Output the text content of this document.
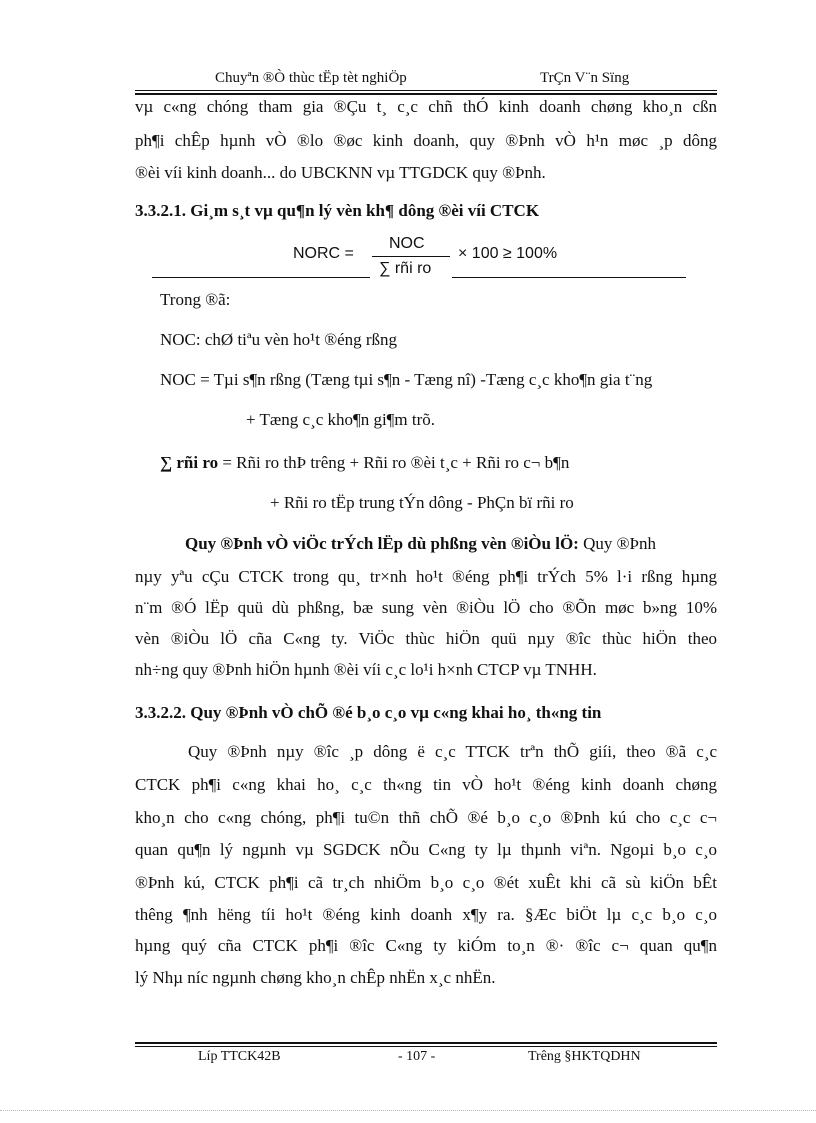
Chuyªn ®Ò thùc tËp tèt nghiÖp	TrÇn V¨n Sïng
vµ c«ng chóng tham gia ®Çu t¸ c¸c chñ thÓ kinh doanh chøng kho¸n cßn
ph¶i chÊp hµnh vÒ ®lo ®øc kinh doanh, quy ®Þnh vÒ h¹n møc ¸p dông
®èi víi kinh doanh... do UBCKNN vµ TTGDCK quy ®Þnh.
3.3.2.1. Gi¸m s¸t vµ qu¶n lý vèn kh¶ dông ®èi víi CTCK
NORC =
NOC
∑ rñi ro
× 100 ≥ 100%
Trong ®ã:
NOC: chØ tiªu vèn ho¹t ®éng rßng
NOC = Tµi s¶n rßng (Tæng tµi s¶n - Tæng nî) -Tæng c¸c kho¶n gia t¨ng
+ Tæng c¸c kho¶n gi¶m trõ.
∑ rñi ro = Rñi ro thÞ trêng + Rñi ro ®èi t¸c + Rñi ro c¬ b¶n
+ Rñi ro tËp trung tÝn dông - PhÇn bï rñi ro
Quy ®Þnh vÒ viÖc trÝch lËp dù phßng vèn ®iÒu lÖ: Quy ®Þnh
nµy yªu cÇu CTCK trong qu¸ tr×nh ho¹t ®éng ph¶i trÝch 5% l·i rßng hµng
n¨m ®Ó lËp quü dù phßng, bæ sung vèn ®iÒu lÖ cho ®Õn møc b»ng 10%
vèn ®iÒu lÖ cña C«ng ty. ViÖc thùc hiÖn quü nµy ®îc thùc hiÖn theo
nh÷ng quy ®Þnh hiÖn hµnh ®èi víi c¸c lo¹i h×nh CTCP vµ TNHH.
3.3.2.2. Quy ®Þnh vÒ chÕ ®é b¸o c¸o vµ c«ng khai ho¸ th«ng tin
Quy ®Þnh nµy ®îc ¸p dông ë c¸c TTCK trªn thÕ giíi, theo ®ã c¸c
CTCK ph¶i c«ng khai ho¸ c¸c th«ng tin vÒ ho¹t ®éng kinh doanh chøng
kho¸n cho c«ng chóng, ph¶i tu©n thñ chÕ ®é b¸o c¸o ®Þnh kú cho c¸c c¬
quan qu¶n lý ngµnh vµ SGDCK nÕu C«ng ty lµ thµnh viªn. Ngoµi b¸o c¸o
®Þnh kú, CTCK ph¶i cã tr¸ch nhiÖm b¸o c¸o ®ét xuÊt khi cã sù kiÖn bÊt
thêng ¶nh hëng tíi ho¹t ®éng kinh doanh x¶y ra. §Æc biÖt lµ c¸c b¸o c¸o
hµng quý cña CTCK ph¶i ®îc C«ng ty kiÓm to¸n ®· ®îc c¬ quan qu¶n
lý Nhµ níc ngµnh chøng kho¸n chÊp nhËn x¸c nhËn.
Líp TTCK42B	- 107 -	Trêng §HKTQDHN
